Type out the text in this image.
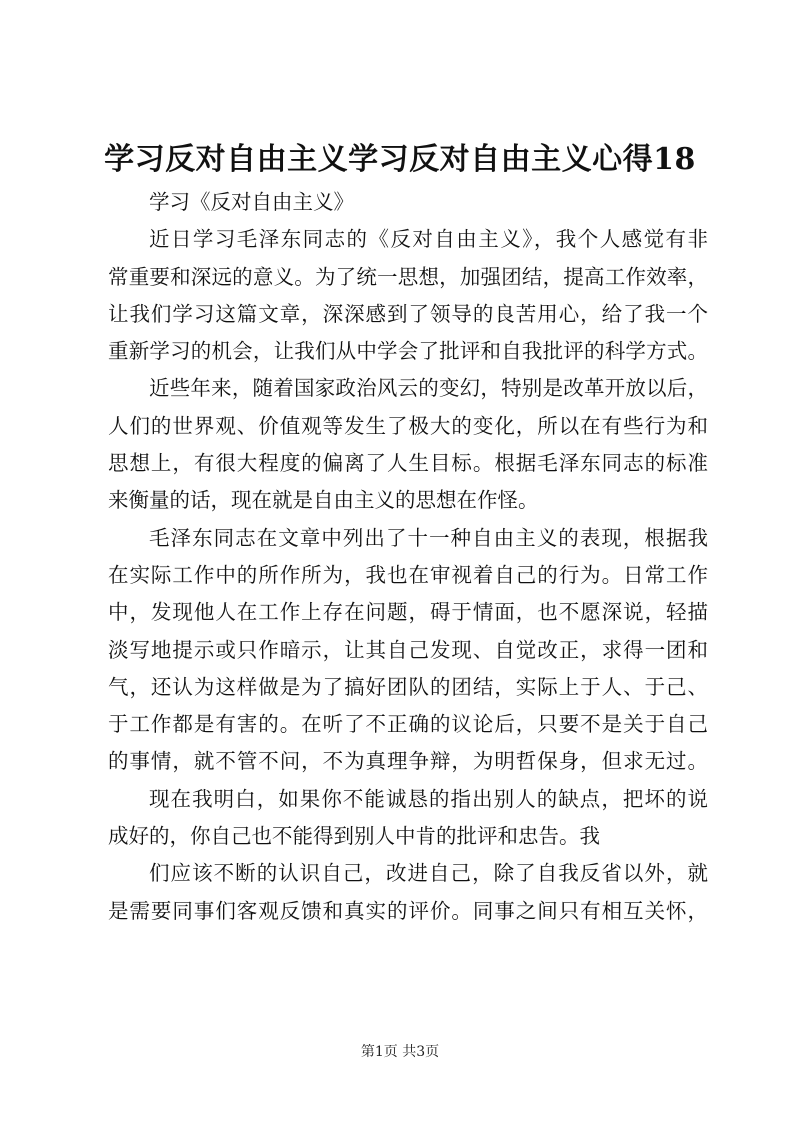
学习反对自由主义学习反对自由主义心得18
学习《反对自由主义》
近日学习毛泽东同志的《反对自由主义》，我个人感觉有非
常重要和深远的意义。为了统一思想，加强团结，提高工作效率，
让我们学习这篇文章，深深感到了领导的良苦用心，给了我一个
重新学习的机会，让我们从中学会了批评和自我批评的科学方式。
近些年来，随着国家政治风云的变幻，特别是改革开放以后，
人们的世界观、价值观等发生了极大的变化，所以在有些行为和
思想上，有很大程度的偏离了人生目标。根据毛泽东同志的标准
来衡量的话，现在就是自由主义的思想在作怪。
毛泽东同志在文章中列出了十一种自由主义的表现，根据我
在实际工作中的所作所为，我也在审视着自己的行为。日常工作
中，发现他人在工作上存在问题，碍于情面，也不愿深说，轻描
淡写地提示或只作暗示，让其自己发现、自觉改正，求得一团和
气，还认为这样做是为了搞好团队的团结，实际上于人、于己、
于工作都是有害的。在听了不正确的议论后，只要不是关于自己
的事情，就不管不问，不为真理争辩，为明哲保身，但求无过。
现在我明白，如果你不能诚恳的指出别人的缺点，把坏的说
成好的，你自己也不能得到别人中肯的批评和忠告。我
们应该不断的认识自己，改进自己，除了自我反省以外，就
是需要同事们客观反馈和真实的评价。同事之间只有相互关怀，
第1页 共3页
